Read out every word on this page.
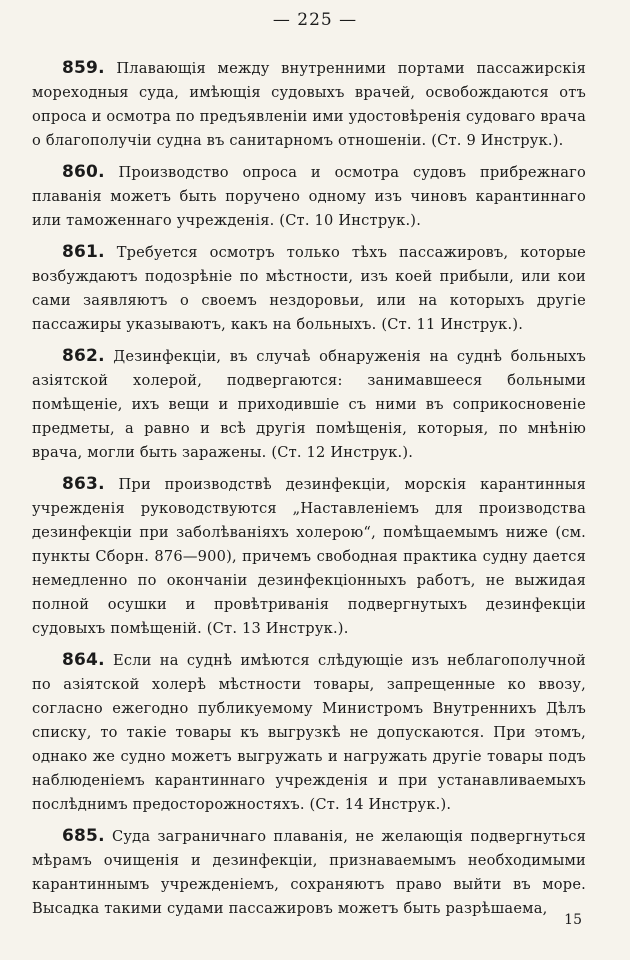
— 225 —

859. Плавающія между внутренними портами пассажирскія мореходныя суда, имѣющія судовыхъ врачей, освобождаются отъ опроса и осмотра по предъявленіи ими удостовѣренія судоваго врача о благополучіи судна въ санитарномъ отношеніи. (Ст. 9 Инструк.).

860. Производство опроса и осмотра судовъ прибрежнаго плаванія можетъ быть поручено одному изъ чиновъ карантиннаго или таможеннаго учрежденія. (Ст. 10 Инструк.).

861. Требуется осмотръ только тѣхъ пассажировъ, которые возбуждаютъ подозрѣніе по мѣстности, изъ коей прибыли, или кои сами заявляютъ о своемъ нездоровьи, или на которыхъ другіе пассажиры указываютъ, какъ на больныхъ. (Ст. 11 Инструк.).

862. Дезинфекціи, въ случаѣ обнаруженія на суднѣ больныхъ азіятской холерой, подвергаются: занимавшееся больными помѣщеніе, ихъ вещи и приходившіе съ ними въ соприкосновеніе предметы, а равно и всѣ другія помѣщенія, которыя, по мнѣнію врача, могли быть заражены. (Ст. 12 Инструк.).

863. При производствѣ дезинфекціи, морскія карантинныя учрежденія руководствуются „Наставленіемъ для производства дезинфекціи при заболѣваніяхъ холерою“, помѣщаемымъ ниже (см. пункты Сборн. 876—900), причемъ свободная практика судну дается немедленно по окончаніи дезинфекціонныхъ работъ, не выжидая полной осушки и провѣтриванія подвергнутыхъ дезинфекціи судовыхъ помѣщеній. (Ст. 13 Инструк.).

864. Если на суднѣ имѣются слѣдующіе изъ неблагополучной по азіятской холерѣ мѣстности товары, запрещенные ко ввозу, согласно ежегодно публикуемому Министромъ Внутреннихъ Дѣлъ списку, то такіе товары къ выгрузкѣ не допускаются. При этомъ, однако же судно можетъ выгружать и нагружать другіе товары подъ наблюденіемъ карантиннаго учрежденія и при устанавливаемыхъ послѣднимъ предосторожностяхъ. (Ст. 14 Инструк.).

685. Суда заграничнаго плаванія, не желающія подвергнуться мѣрамъ очищенія и дезинфекціи, признаваемымъ необходимыми карантиннымъ учрежденіемъ, сохраняютъ право выйти въ море. Высадка такими судами пассажировъ можетъ быть разрѣшаема,

15
